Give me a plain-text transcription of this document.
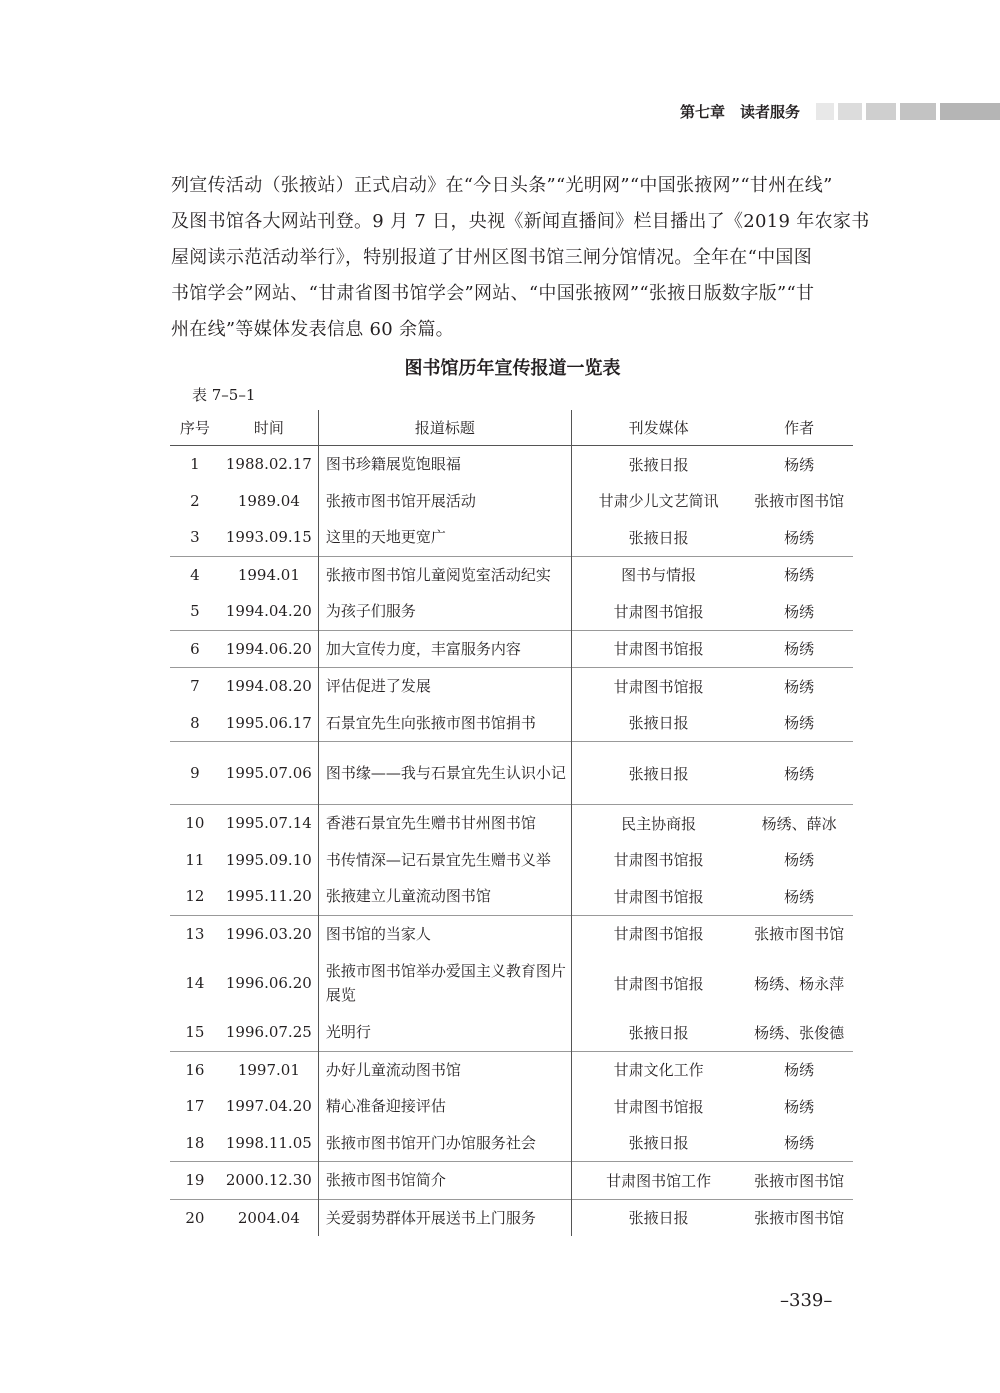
第七章　读者服务

列宣传活动（张掖站）正式启动》在“今日头条”“光明网”“中国张掖网”“甘州在线”
及图书馆各大网站刊登。9 月 7 日，央视《新闻直播间》栏目播出了《2019 年农家书
屋阅读示范活动举行》，特别报道了甘州区图书馆三闸分馆情况。全年在“中国图
书馆学会”网站、“甘肃省图书馆学会”网站、“中国张掖网”“张掖日版数字版”“甘
州在线”等媒体发表信息 60 余篇。

图书馆历年宣传报道一览表
表 7–5–1
序号	时间	报道标题	刊发媒体	作者
1	1988.02.17	图书珍籍展览饱眼福	张掖日报	杨绣
2	1989.04	张掖市图书馆开展活动	甘肃少儿文艺简讯	张掖市图书馆
3	1993.09.15	这里的天地更宽广	张掖日报	杨绣
4	1994.01	张掖市图书馆儿童阅览室活动纪实	图书与情报	杨绣
5	1994.04.20	为孩子们服务	甘肃图书馆报	杨绣
6	1994.06.20	加大宣传力度，丰富服务内容	甘肃图书馆报	杨绣
7	1994.08.20	评估促进了发展	甘肃图书馆报	杨绣
8	1995.06.17	石景宜先生向张掖市图书馆捐书	张掖日报	杨绣
9	1995.07.06	图书缘——我与石景宜先生认识小记	张掖日报	杨绣
10	1995.07.14	香港石景宜先生赠书甘州图书馆	民主协商报	杨绣、薛冰
11	1995.09.10	书传情深—记石景宜先生赠书义举	甘肃图书馆报	杨绣
12	1995.11.20	张掖建立儿童流动图书馆	甘肃图书馆报	杨绣
13	1996.03.20	图书馆的当家人	甘肃图书馆报	张掖市图书馆
14	1996.06.20	张掖市图书馆举办爱国主义教育图片展览	甘肃图书馆报	杨绣、杨永萍
15	1996.07.25	光明行	张掖日报	杨绣、张俊德
16	1997.01	办好儿童流动图书馆	甘肃文化工作	杨绣
17	1997.04.20	精心准备迎接评估	甘肃图书馆报	杨绣
18	1998.11.05	张掖市图书馆开门办馆服务社会	张掖日报	杨绣
19	2000.12.30	张掖市图书馆简介	甘肃图书馆工作	张掖市图书馆
20	2004.04	关爱弱势群体开展送书上门服务	张掖日报	张掖市图书馆
–339–
